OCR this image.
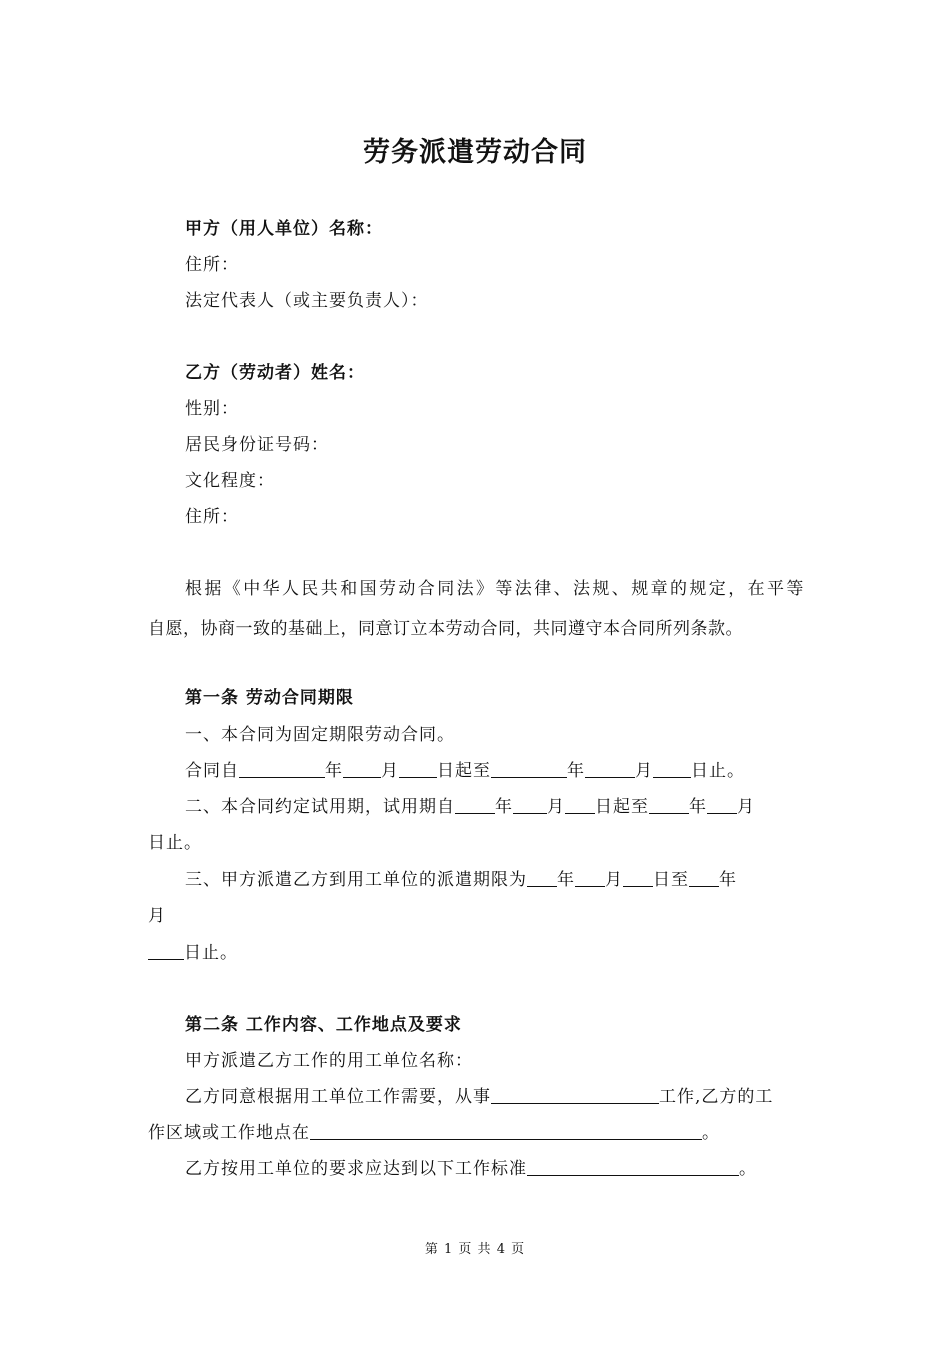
劳务派遣劳动合同
甲方（用人单位）名称：
住所：
法定代表人（或主要负责人）：
乙方（劳动者）姓名：
性别：
居民身份证号码：
文化程度：
住所：
根据《中华人民共和国劳动合同法》等法律、法规、规章的规定，在平等
自愿，协商一致的基础上，同意订立本劳动合同，共同遵守本合同所列条款。
第一条 劳动合同期限
一、本合同为固定期限劳动合同。
合同自	年 月 日起至	年	月 日止。
二、本合同约定试用期，试用期自 年 月 日起至 年 月
日止。
三、甲方派遣乙方到用工单位的派遣期限为 年 月 日至 年
月
日止。
第二条 工作内容、工作地点及要求
甲方派遣乙方工作的用工单位名称：
乙方同意根据用工单位工作需要，从事	工作,乙方的工
作区域或工作地点在	。
乙方按用工单位的要求应达到以下工作标准	。
第 1 页 共 4 页
